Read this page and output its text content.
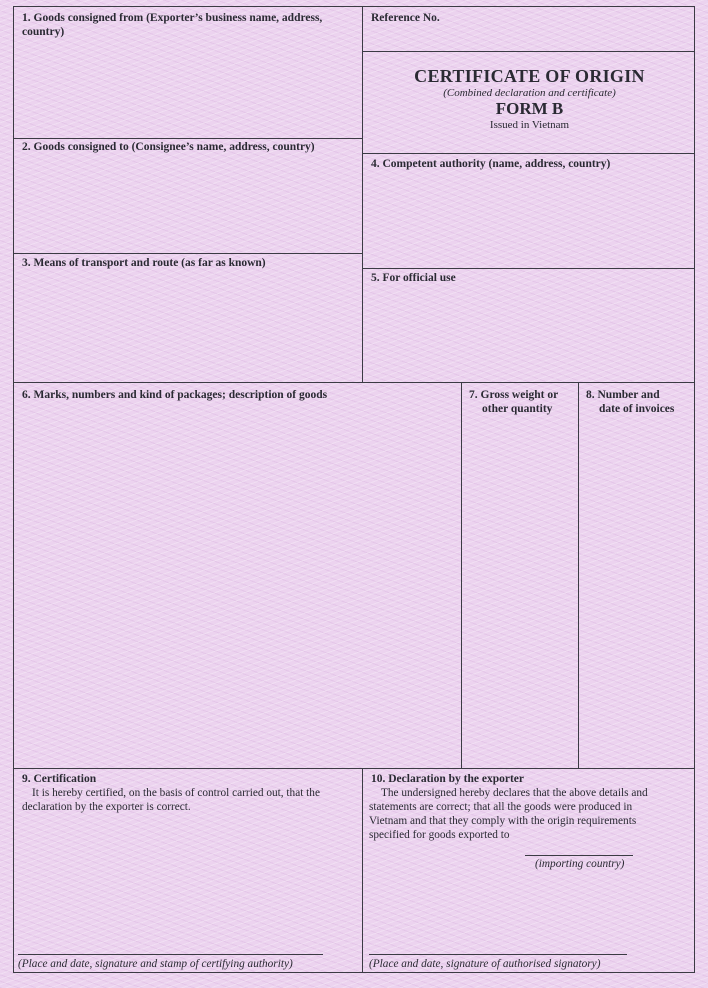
1. Goods consigned from (Exporter’s business name, address,
country)
Reference No.
CERTIFICATE OF ORIGIN
(Combined declaration and certificate)
FORM B
Issued in Vietnam
2. Goods consigned to (Consignee’s name, address, country)
4. Competent authority (name, address, country)
3. Means of transport and route (as far as known)
5. For official use
6. Marks, numbers and kind of packages; description of goods	7. Gross weight or
other quantity
8. Number and
date of invoices
9. Certification
It is hereby certified, on the basis of control carried out, that the
declaration by the exporter is correct.
(Place and date, signature and stamp of certifying authority)
10. Declaration by the exporter
The undersigned hereby declares that the above details and
statements are correct; that all the goods were produced in
Vietnam and that they comply with the origin requirements
specified for goods exported to
(importing country)
(Place and date, signature of authorised signatory)
